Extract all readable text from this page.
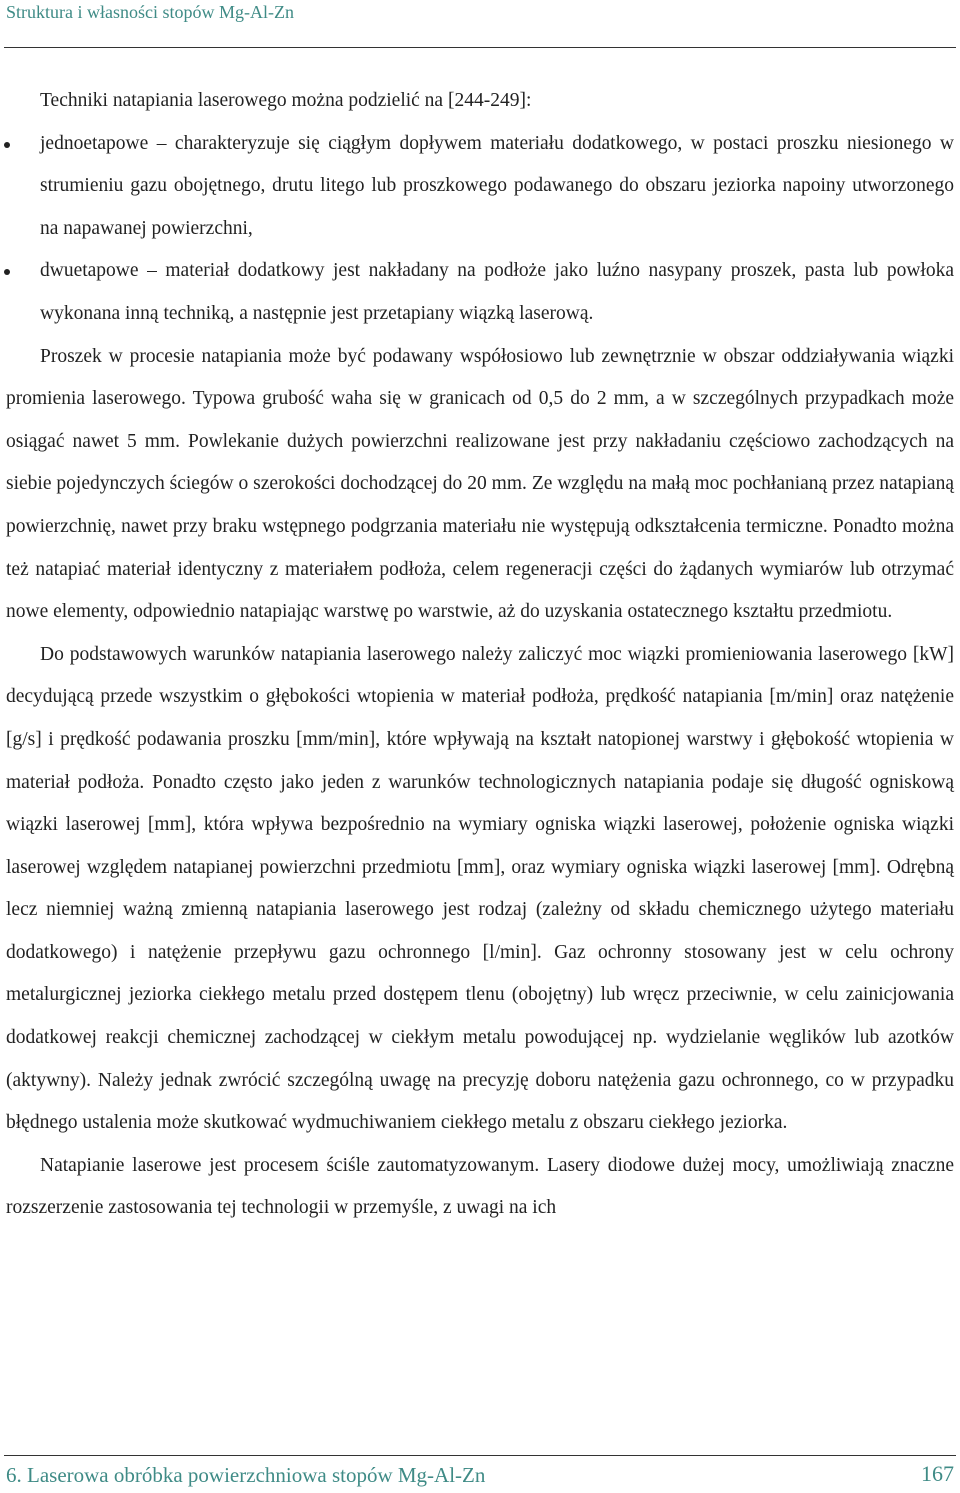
Struktura i własności stopów Mg-Al-Zn

Techniki natapiania laserowego można podzielić na [244-249]:

jednoetapowe – charakteryzuje się ciągłym dopływem materiału dodatkowego, w postaci proszku niesionego w strumieniu gazu obojętnego, drutu litego lub proszkowego podawanego do obszaru jeziorka napoiny utworzonego na napawanej powierzchni,
dwuetapowe – materiał dodatkowy jest nakładany na podłoże jako luźno nasypany proszek, pasta lub powłoka wykonana inną techniką, a następnie jest przetapiany wiązką laserową.

Proszek w procesie natapiania może być podawany współosiowo lub zewnętrznie w obszar oddziaływania wiązki promienia laserowego. Typowa grubość waha się w granicach od 0,5 do 2 mm, a w szczególnych przypadkach może osiągać nawet 5 mm. Powlekanie dużych powierzchni realizowane jest przy nakładaniu częściowo zachodzących na siebie pojedynczych ściegów o szerokości dochodzącej do 20 mm. Ze względu na małą moc pochłanianą przez natapianą powierzchnię, nawet przy braku wstępnego podgrzania materiału nie występują odkształcenia termiczne. Ponadto można też natapiać materiał identyczny z materiałem podłoża, celem regeneracji części do żądanych wymiarów lub otrzymać nowe elementy, odpowiednio natapiając warstwę po warstwie, aż do uzyskania ostatecznego kształtu przedmiotu.

Do podstawowych warunków natapiania laserowego należy zaliczyć moc wiązki promieniowania laserowego [kW] decydującą przede wszystkim o głębokości wtopienia w materiał podłoża, prędkość natapiania [m/min] oraz natężenie [g/s] i prędkość podawania proszku [mm/min], które wpływają na kształt natopionej warstwy i głębokość wtopienia w materiał podłoża. Ponadto często jako jeden z warunków technologicznych natapiania podaje się długość ogniskową wiązki laserowej [mm], która wpływa bezpośrednio na wymiary ogniska wiązki laserowej, położenie ogniska wiązki laserowej względem natapianej powierzchni przedmiotu [mm], oraz wymiary ogniska wiązki laserowej [mm]. Odrębną lecz niemniej ważną zmienną natapiania laserowego jest rodzaj (zależny od składu chemicznego użytego materiału dodatkowego) i natężenie przepływu gazu ochronnego [l/min]. Gaz ochronny stosowany jest w celu ochrony metalurgicznej jeziorka ciekłego metalu przed dostępem tlenu (obojętny) lub wręcz przeciwnie, w celu zainicjowania dodatkowej reakcji chemicznej zachodzącej w ciekłym metalu powodującej np. wydzielanie węglików lub azotków (aktywny). Należy jednak zwrócić szczególną uwagę na precyzję doboru natężenia gazu ochronnego, co w przypadku błędnego ustalenia może skutkować wydmuchiwaniem ciekłego metalu z obszaru ciekłego jeziorka.

Natapianie laserowe jest procesem ściśle zautomatyzowanym. Lasery diodowe dużej mocy, umożliwiają znaczne rozszerzenie zastosowania tej technologii w przemyśle, z uwagi na ich

6. Laserowa obróbka powierzchniowa stopów Mg-Al-Zn	167
